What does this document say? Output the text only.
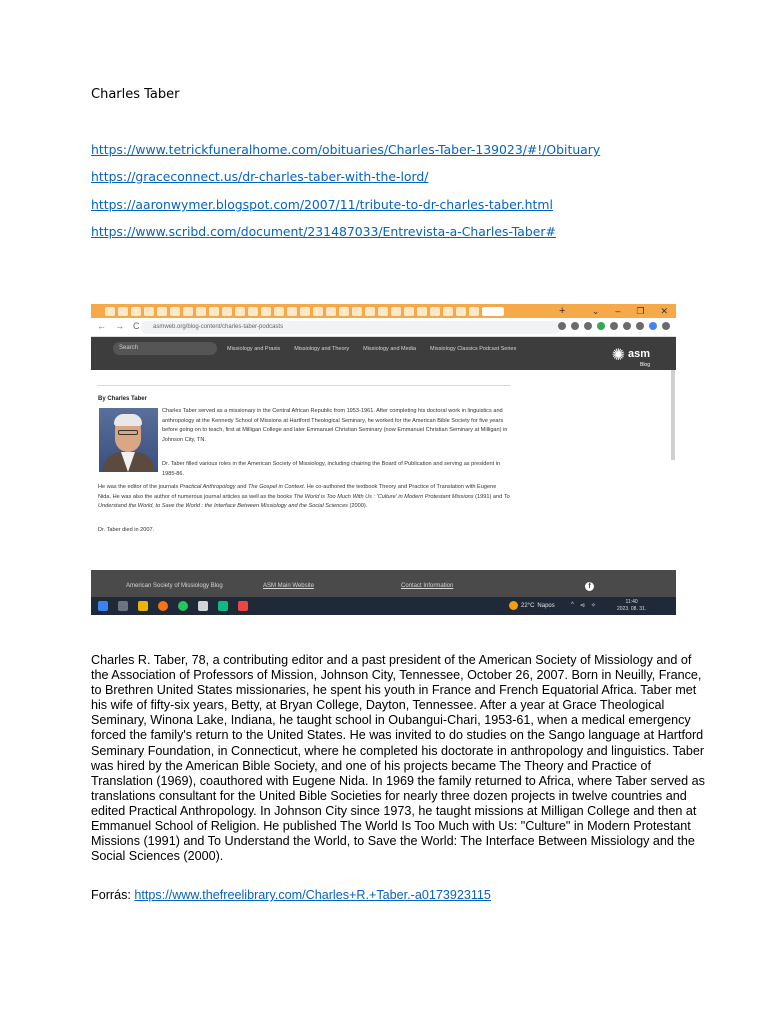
Charles Taber
https://www.tetrickfuneralhome.com/obituaries/Charles-Taber-139023/#!/Obituary
https://graceconnect.us/dr-charles-taber-with-the-lord/
https://aaronwymer.blogspot.com/2007/11/tribute-to-dr-charles-taber.html
https://www.scribd.com/document/231487033/Entrevista-a-Charles-Taber#
+	⌄ – ❐ ✕
← → C	asmweb.org/blog-content/charles-taber-podcasts
Search	Missiology and Praxis	Missiology and Theory	Missiology and Media	Missiology Classics Podcast Series	✺ asm
Blog
By Charles Taber

Charles Taber served as a missionary in the Central African Republic from 1953-1961. After completing his doctoral work in linguistics and anthropology at the Kennedy School of Missions at Hartford Theological Seminary, he worked for the American Bible Society for five years before going on to teach, first at Milligan College and later Emmanuel Christian Seminary (now Emmanuel Christian Seminary at Milligan) in Johnson City, TN.

Dr. Taber filled various roles in the American Society of Missiology, including chairing the Board of Publication and serving as president in 1985-86.

He was the editor of the journals Practical Anthropology and The Gospel in Context. He co-authored the textbook Theory and Practice of Translation with Eugene Nida. He was also the author of numerous journal articles as well as the books The World is Too Much With Us : 'Culture' in Modern Protestant Missions (1991) and To Understand the World, to Save the World : the Interface Between Missiology and the Social Sciences (2000).

Dr. Taber died in 2007.

American Society of Missiology Blog	ASM Main Website	Contact Information	f
22°C Napos	^ ⊲ ✧
11:40
2023. 08. 31.

Charles R. Taber, 78, a contributing editor and a past president of the American Society of Missiology and of the Association of Professors of Mission, Johnson City, Tennessee, October 26, 2007. Born in Neuilly, France, to Brethren United States missionaries, he spent his youth in France and French Equatorial Africa. Taber met his wife of fifty-six years, Betty, at Bryan College, Dayton, Tennessee. After a year at Grace Theological Seminary, Winona Lake, Indiana, he taught school in Oubangui-Chari, 1953-61, when a medical emergency forced the family's return to the United States. He was invited to do studies on the Sango language at Hartford Seminary Foundation, in Connecticut, where he completed his doctorate in anthropology and linguistics. Taber was hired by the American Bible Society, and one of his projects became The Theory and Practice of Translation (1969), coauthored with Eugene Nida. In 1969 the family returned to Africa, where Taber served as translations consultant for the United Bible Societies for nearly three dozen projects in twelve countries and edited Practical Anthropology. In Johnson City since 1973, he taught missions at Milligan College and then at Emmanuel School of Religion. He published The World Is Too Much with Us: "Culture" in Modern Protestant Missions (1991) and To Understand the World, to Save the World: The Interface Between Missiology and the Social Sciences (2000).

Forrás: https://www.thefreelibrary.com/Charles+R.+Taber.-a0173923115
